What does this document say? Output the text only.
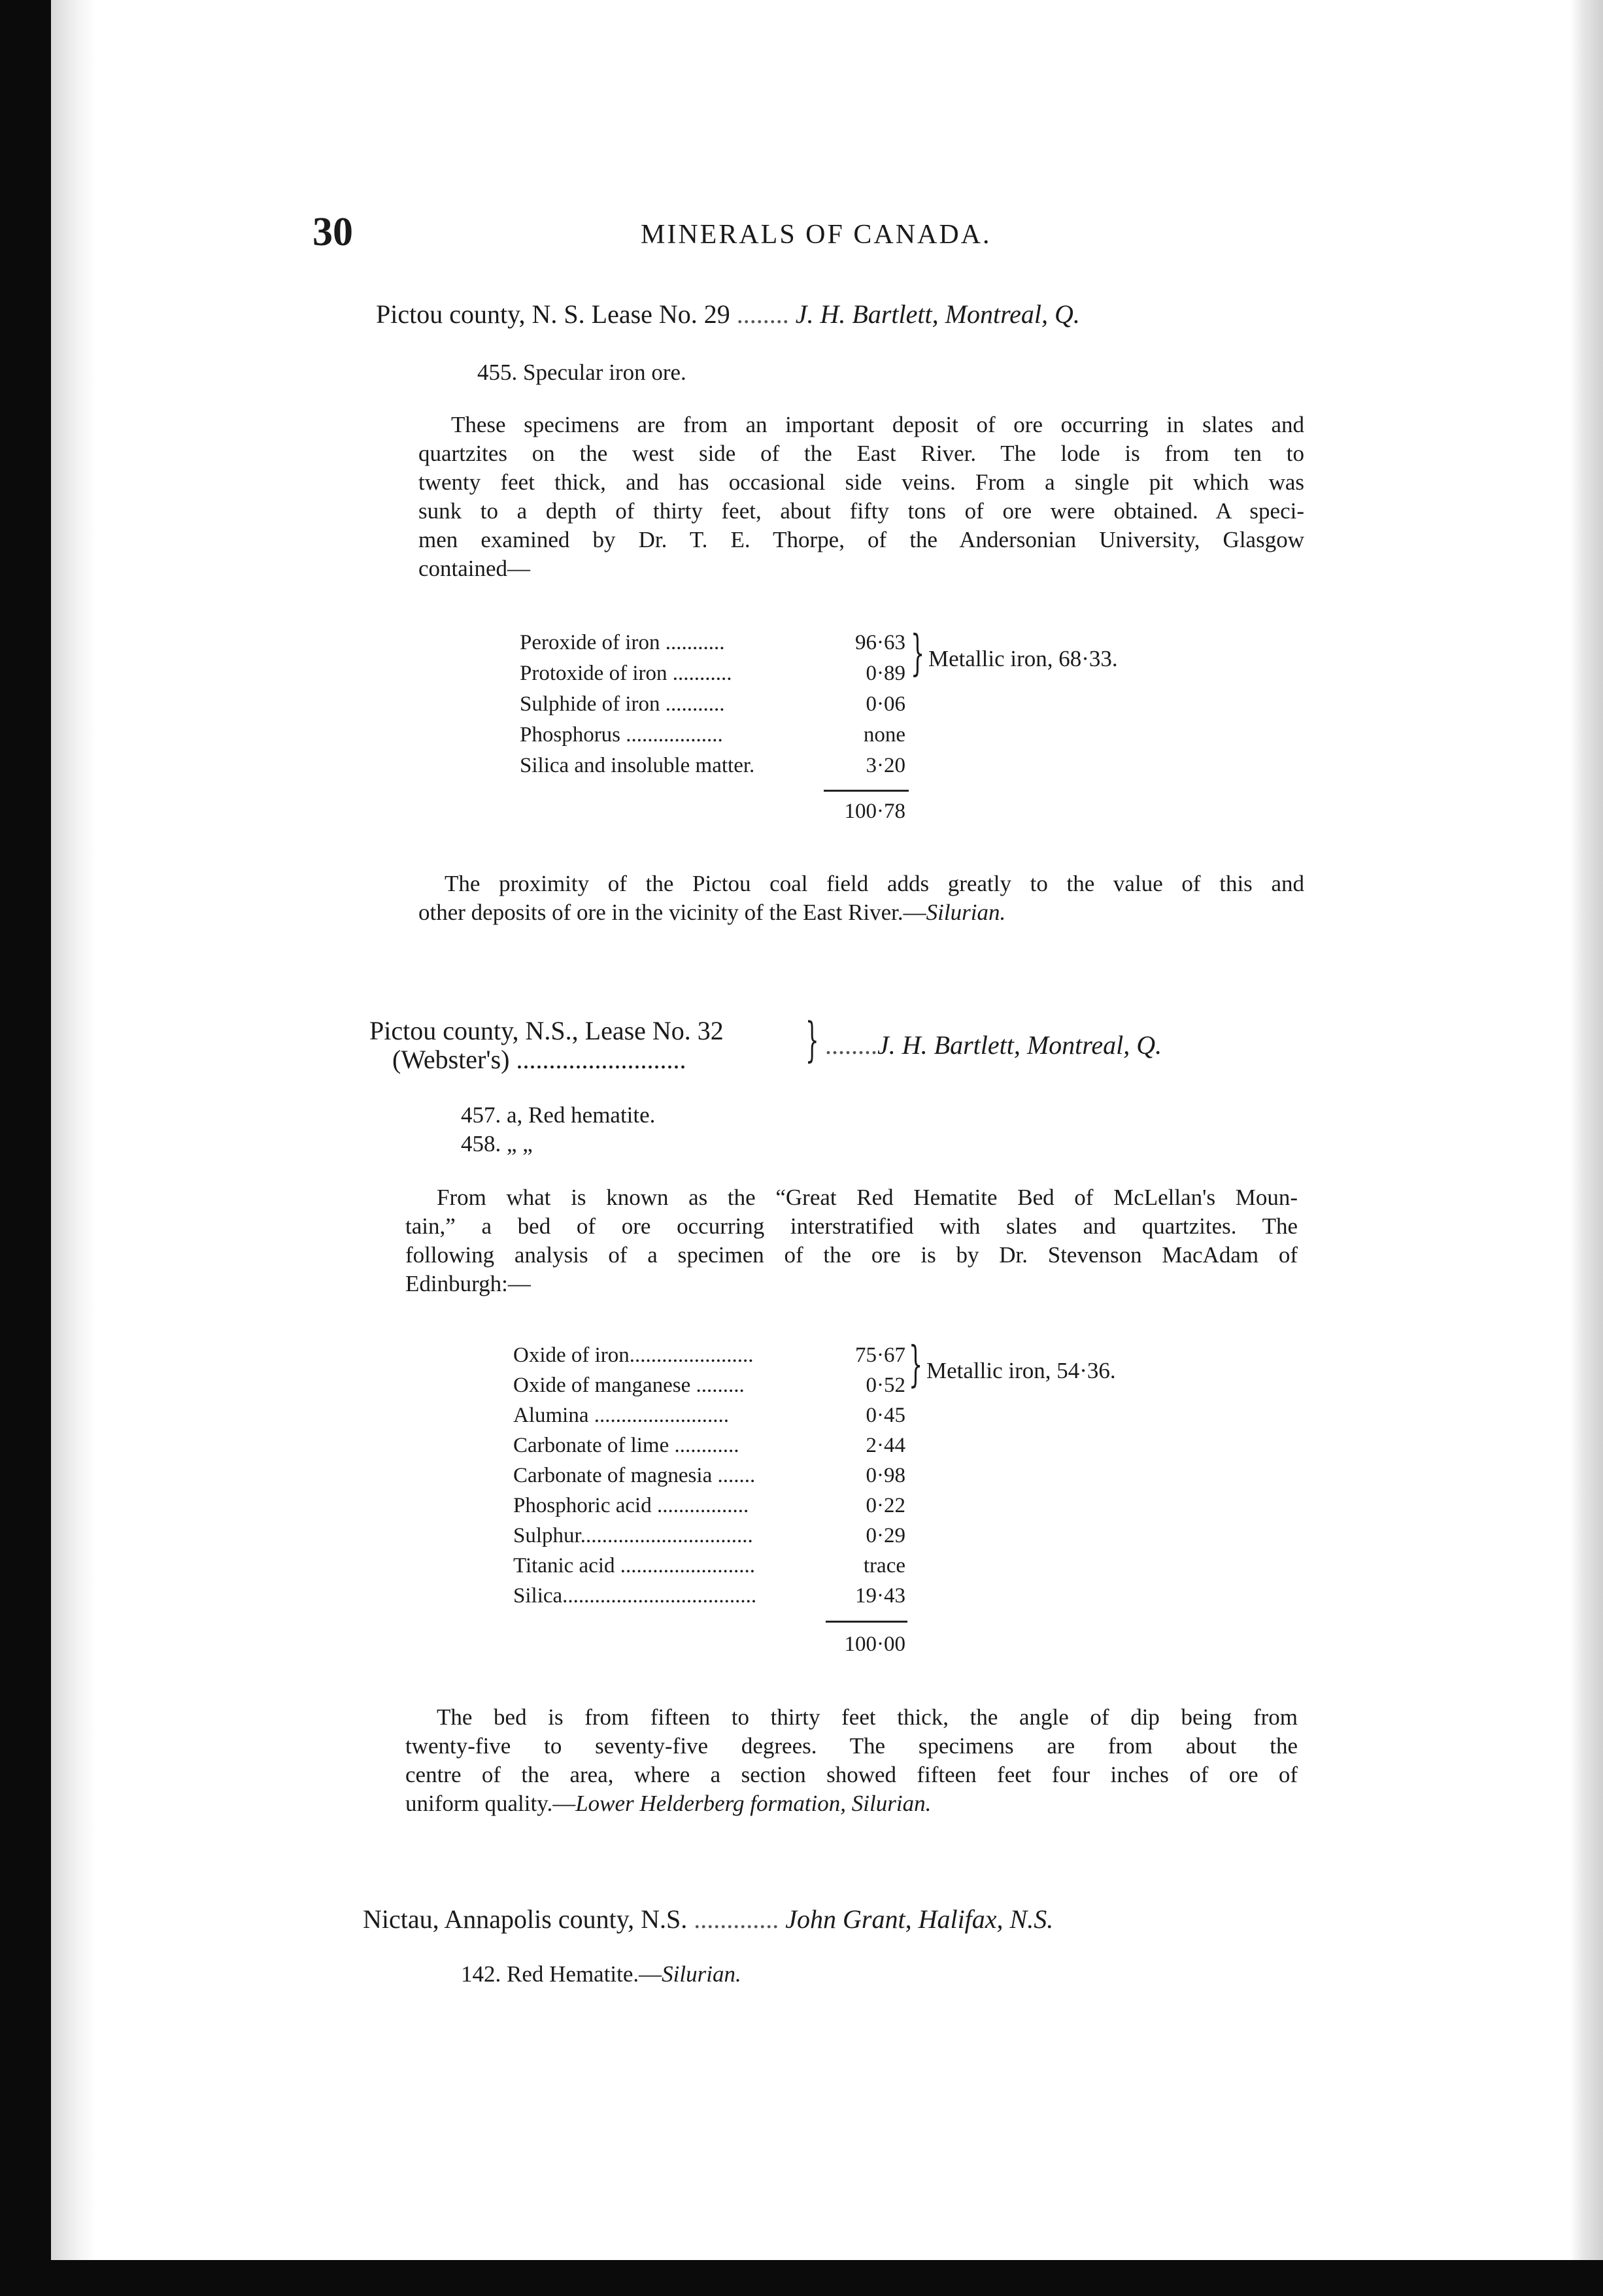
30	MINERALS OF CANADA.
Pictou county, N. S. Lease No. 29 ........ J. H. Bartlett, Montreal, Q.
455. Specular iron ore.
These specimens are from an important deposit of ore occurring in slates and
quartzites on the west side of the East River. The lode is from ten to
twenty feet thick, and has occasional side veins. From a single pit which was
sunk to a depth of thirty feet, about fifty tons of ore were obtained. A speci-
men examined by Dr. T. E. Thorpe, of the Andersonian University, Glasgow
contained—
Peroxide of iron ...........	96·63
Protoxide of iron ...........	0·89
Sulphide of iron ...........	0·06
Phosphorus ..................	none
Silica and insoluble matter.	3·20
100·78
} Metallic iron, 68·33.
The proximity of the Pictou coal field adds greatly to the value of this and
other deposits of ore in the vicinity of the East River.—Silurian.
Pictou county, N.S., Lease No. 32
(Webster's) ..........................	} ........J. H. Bartlett, Montreal, Q.
457. a, Red hematite.
458. „ „
From what is known as the “Great Red Hematite Bed of McLellan's Moun-
tain,” a bed of ore occurring interstratified with slates and quartzites. The
following analysis of a specimen of the ore is by Dr. Stevenson MacAdam of
Edinburgh:—
Oxide of iron.......................	75·67
Oxide of manganese .........	0·52
Alumina .........................	0·45
Carbonate of lime ............	2·44
Carbonate of magnesia .......	0·98
Phosphoric acid .................	0·22
Sulphur................................	0·29
Titanic acid .........................	trace
Silica....................................	19·43
100·00
} Metallic iron, 54·36.
The bed is from fifteen to thirty feet thick, the angle of dip being from
twenty-five to seventy-five degrees. The specimens are from about the
centre of the area, where a section showed fifteen feet four inches of ore of
uniform quality.—Lower Helderberg formation, Silurian.
Nictau, Annapolis county, N.S. ............. John Grant, Halifax, N.S.
142. Red Hematite.—Silurian.
